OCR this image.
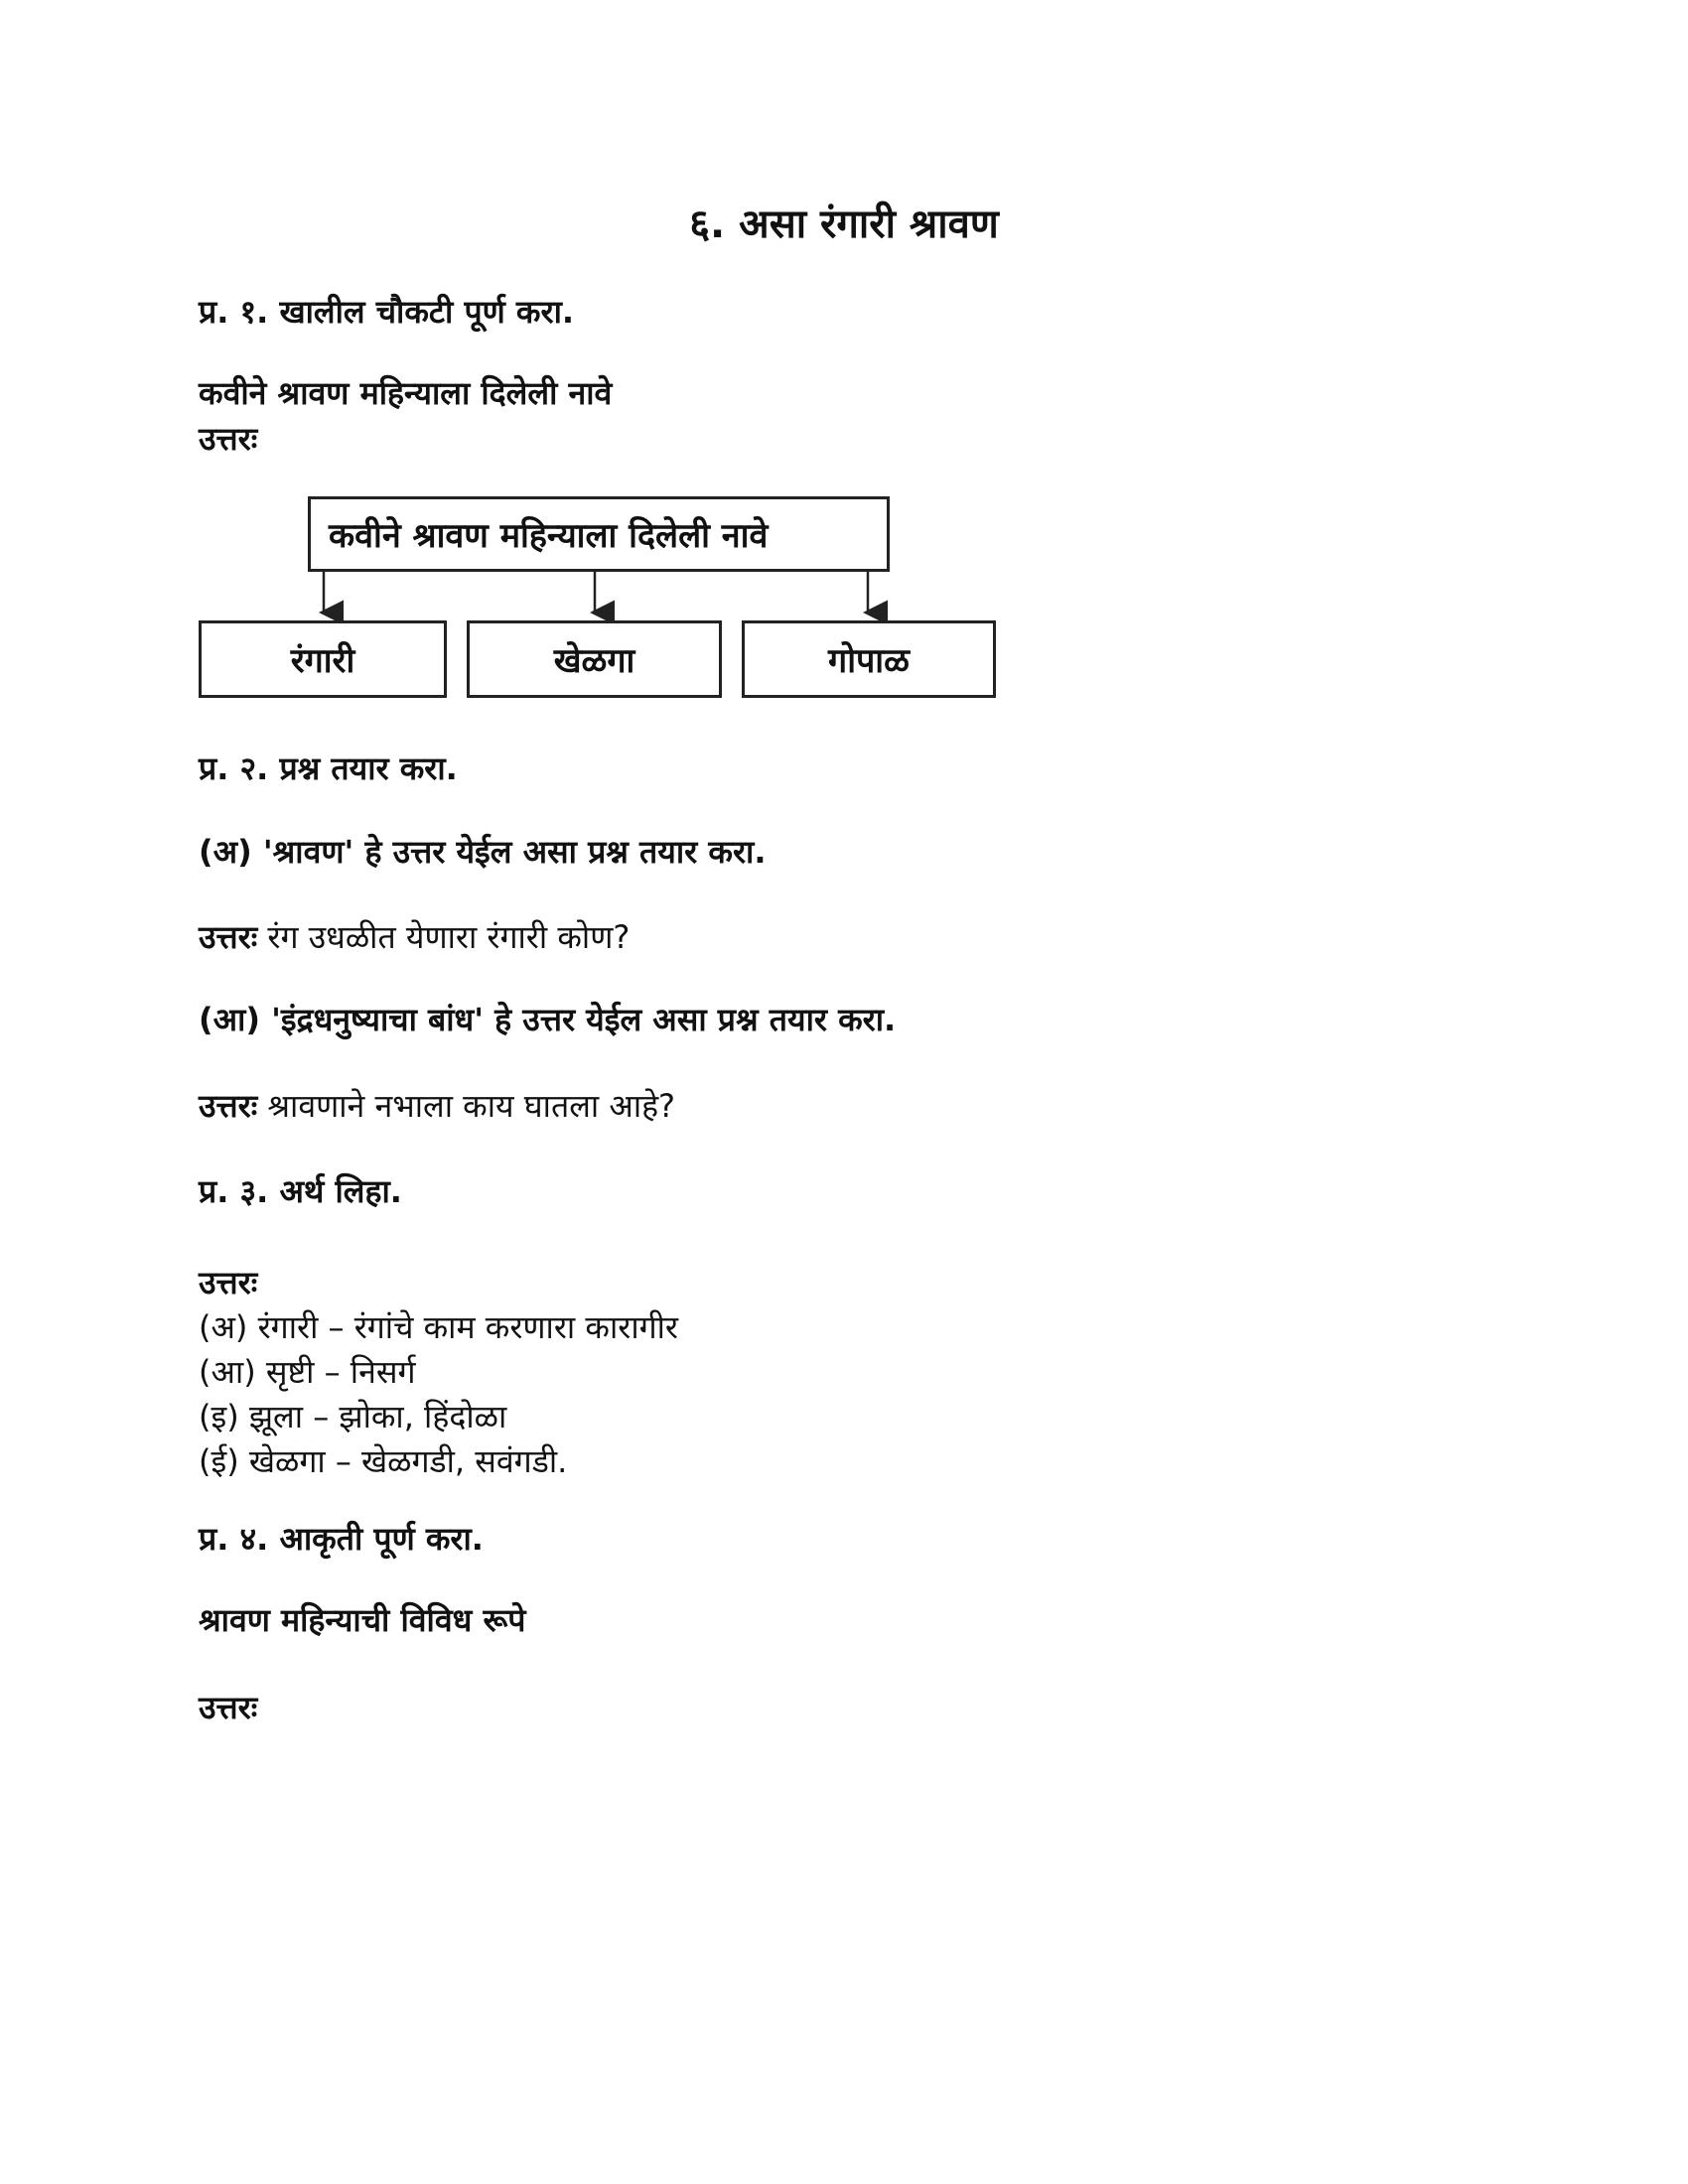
६. असा रंगारी श्रावण

प्र. १. खालील चौकटी पूर्ण करा.

कवीने श्रावण महिन्याला दिलेली नावे

उत्तरः

कवीने श्रावण महिन्याला दिलेली नावे
रंगारी	खेळगा	गोपाळ

प्र. २. प्रश्न तयार करा.

(अ) 'श्रावण' हे उत्तर येईल असा प्रश्न तयार करा.

उत्तरः रंग उधळीत येणारा रंगारी कोण?

(आ) 'इंद्रधनुष्याचा बांध' हे उत्तर येईल असा प्रश्न तयार करा.

उत्तरः श्रावणाने नभाला काय घातला आहे?

प्र. ३. अर्थ लिहा.

उत्तरः
(अ) रंगारी – रंगांचे काम करणारा कारागीर
(आ) सृष्टी – निसर्ग
(इ) झूला – झोका, हिंदोळा
(ई) खेळगा – खेळगडी, सवंगडी.

प्र. ४. आकृती पूर्ण करा.

श्रावण महिन्याची विविध रूपे

उत्तरः
